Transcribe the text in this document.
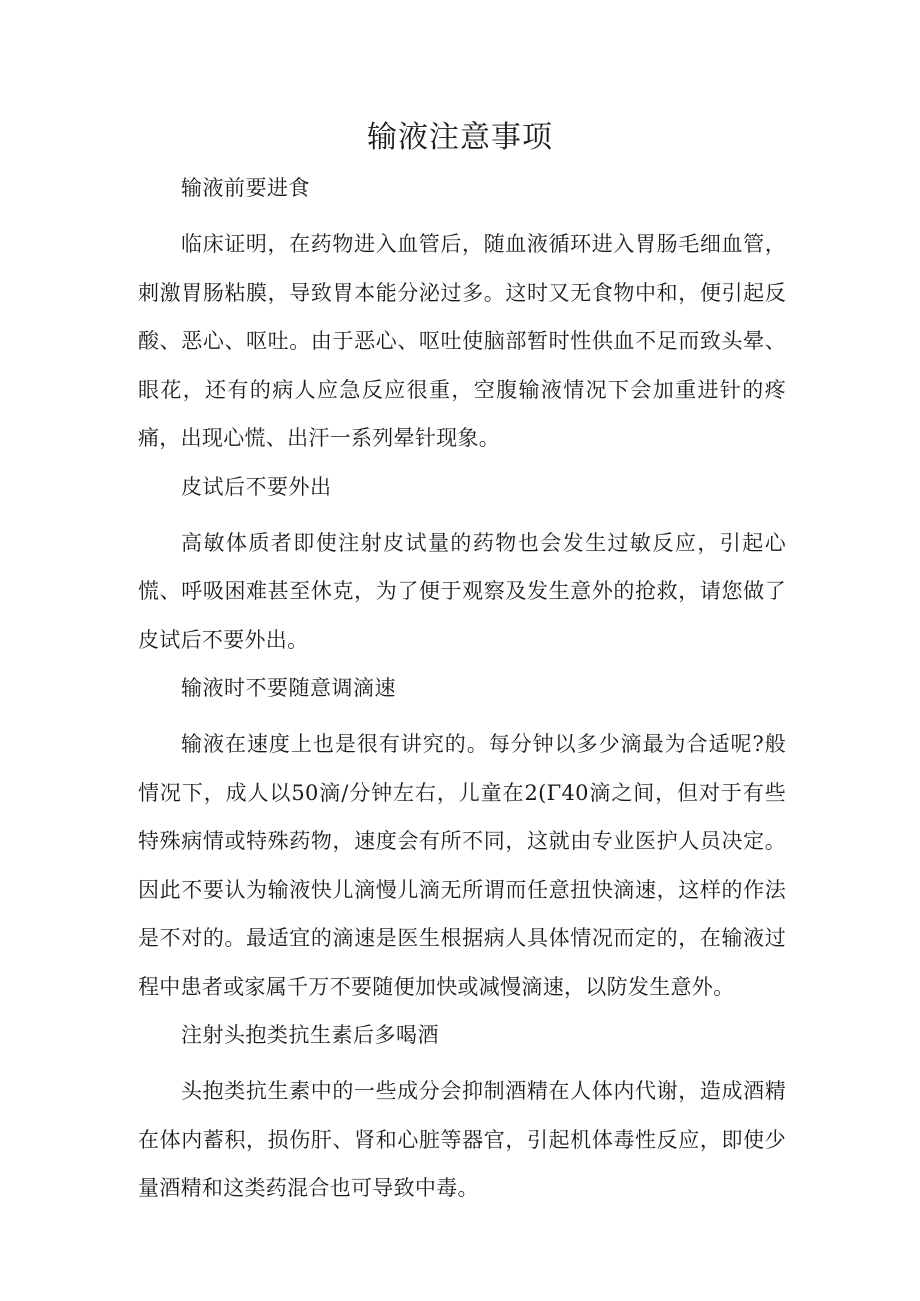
输液注意事项
输液前要进食

临床证明，在药物进入血管后，随血液循环进入胃肠毛细血管，刺激胃肠粘膜，导致胃本能分泌过多。这时又无食物中和，便引起反酸、恶心、呕吐。由于恶心、呕吐使脑部暂时性供血不足而致头晕、眼花，还有的病人应急反应很重，空腹输液情况下会加重进针的疼痛，出现心慌、出汗一系列晕针现象。

皮试后不要外出

高敏体质者即使注射皮试量的药物也会发生过敏反应，引起心慌、呼吸困难甚至休克，为了便于观察及发生意外的抢救，请您做了皮试后不要外出。

输液时不要随意调滴速

输液在速度上也是很有讲究的。每分钟以多少滴最为合适呢?般情况下，成人以50滴/分钟左右，儿童在2(Γ40滴之间，但对于有些特殊病情或特殊药物，速度会有所不同，这就由专业医护人员决定。因此不要认为输液快儿滴慢儿滴无所谓而任意扭快滴速，这样的作法是不对的。最适宜的滴速是医生根据病人具体情况而定的，在输液过程中患者或家属千万不要随便加快或减慢滴速，以防发生意外。

注射头抱类抗生素后多喝酒

头抱类抗生素中的一些成分会抑制酒精在人体内代谢，造成酒精在体内蓄积，损伤肝、肾和心脏等器官，引起机体毒性反应，即使少量酒精和这类药混合也可导致中毒。
